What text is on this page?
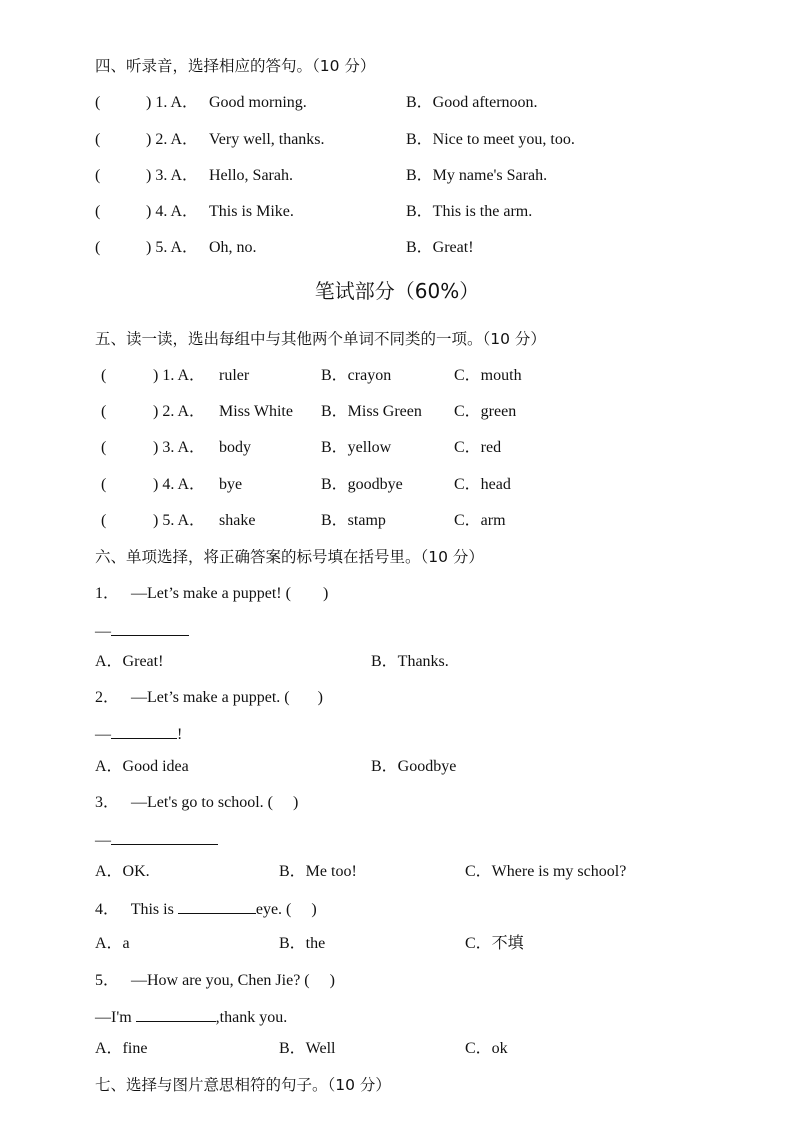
四、听录音，选择相应的答句。（10 分）
(	) 1. A． Good morning.	B．Good afternoon.
(	) 2. A． Very well, thanks.	B．Nice to meet you, too.
(	) 3. A． Hello, Sarah.	B．My name's Sarah.
(	) 4. A． This is Mike.	B．This is the arm.
(	) 5. A． Oh, no.	B．Great!
笔试部分（60%）
五、读一读，选出每组中与其他两个单词不同类的一项。（10 分）
(	) 1. A． ruler	B．crayon	C．mouth
(	) 2. A． Miss White B．Miss Green C．green
(	) 3. A． body	B．yellow	C．red
(	) 4. A． bye	B．goodbye	C．head
(	) 5. A． shake	B．stamp	C．arm
六、单项选择，将正确答案的标号填在括号里。（10 分）
1．   —Let’s make a puppet! (        )
—
A．Great!	B．Thanks.
2．   —Let’s make a puppet. (       )
—	!
A．Good idea	B．Goodbye
3．   —Let's go to school. (     )
—
A．OK.	B．Me too!	C．Where is my school?
4．   This is	eye. (     )
A．a	B．the	C．不填
5．   —How are you, Chen Jie? (     )
—I'm	,thank you.
A．fine	B．Well	C．ok
七、选择与图片意思相符的句子。（10 分）
